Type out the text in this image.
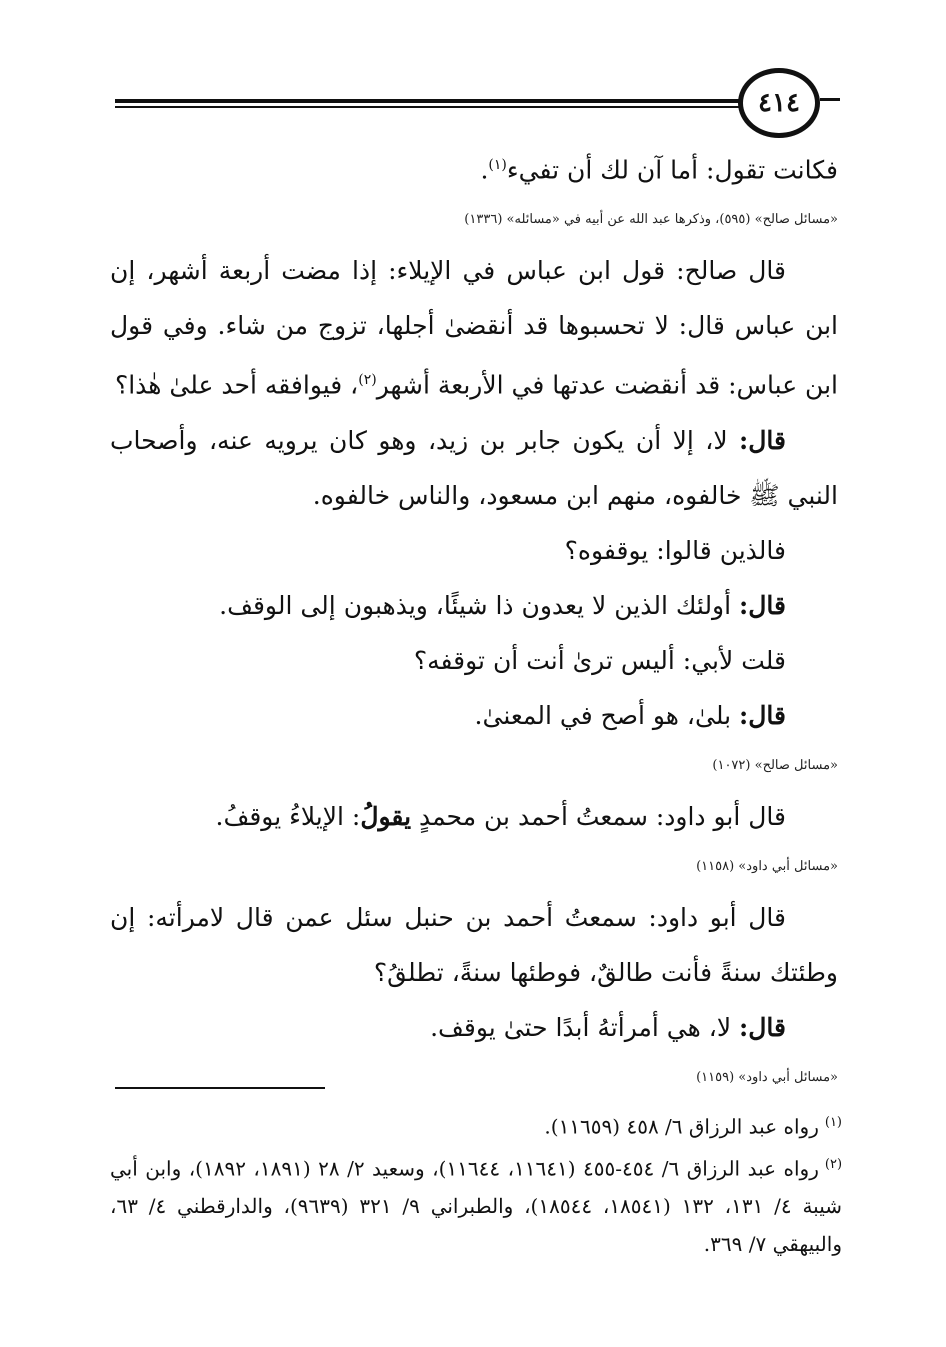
٤١٤

فكانت تقول: أما آن لك أن تفيء$^{(١)}$.

«مسائل صالح» (٥٩٥)، وذكرها عبد الله عن أبيه في «مسائله» (١٣٣٦)

قال صالح: قول ابن عباس في الإيلاء: إذا مضت أربعة أشهر، إن ابن عباس قال: لا تحسبوها قد أنقضىٰ أجلها، تزوج من شاء. وفي قول ابن عباس: قد أنقضت عدتها في الأربعة أشهر$^{(٢)}$، فيوافقه أحد علىٰ هٰذا؟

قال: لا، إلا أن يكون جابر بن زيد، وهو كان يرويه عنه، وأصحاب النبي ﷺ خالفوه، منهم ابن مسعود، والناس خالفوه.

فالذين قالوا: يوقفوه؟

قال: أولئك الذين لا يعدون ذا شيئًا، ويذهبون إلى الوقف.

قلت لأبي: أليس ترىٰ أنت أن توقفه؟

قال: بلىٰ، هو أصح في المعنىٰ.

«مسائل صالح» (١٠٧٢)

قال أبو داود: سمعتُ أحمد بن محمدٍ يقولُ: الإيلاءُ يوقفُ.

«مسائل أبي داود» (١١٥٨)

قال أبو داود: سمعتُ أحمد بن حنبل سئل عمن قال لامرأته: إن وطئتك سنةً فأنت طالقٌ، فوطئها سنةً، تطلقُ؟

قال: لا، هي أمرأتهُ أبدًا حتىٰ يوقف.

«مسائل أبي داود» (١١٥٩)

$^{(١)}$رواه عبد الرزاق ٦/ ٤٥٨ (١١٦٥٩).

$^{(٢)}$رواه عبد الرزاق ٦/ ٤٥٤-٤٥٥ (١١٦٤١، ١١٦٤٤)، وسعيد ٢/ ٢٨ (١٨٩١، ١٨٩٢)، وابن أبي شيبة ٤/ ١٣١، ١٣٢ (١٨٥٤١، ١٨٥٤٤)، والطبراني ٩/ ٣٢١ (٩٦٣٩)، والدارقطني ٤/ ٦٣، والبيهقي ٧/ ٣٦٩.
